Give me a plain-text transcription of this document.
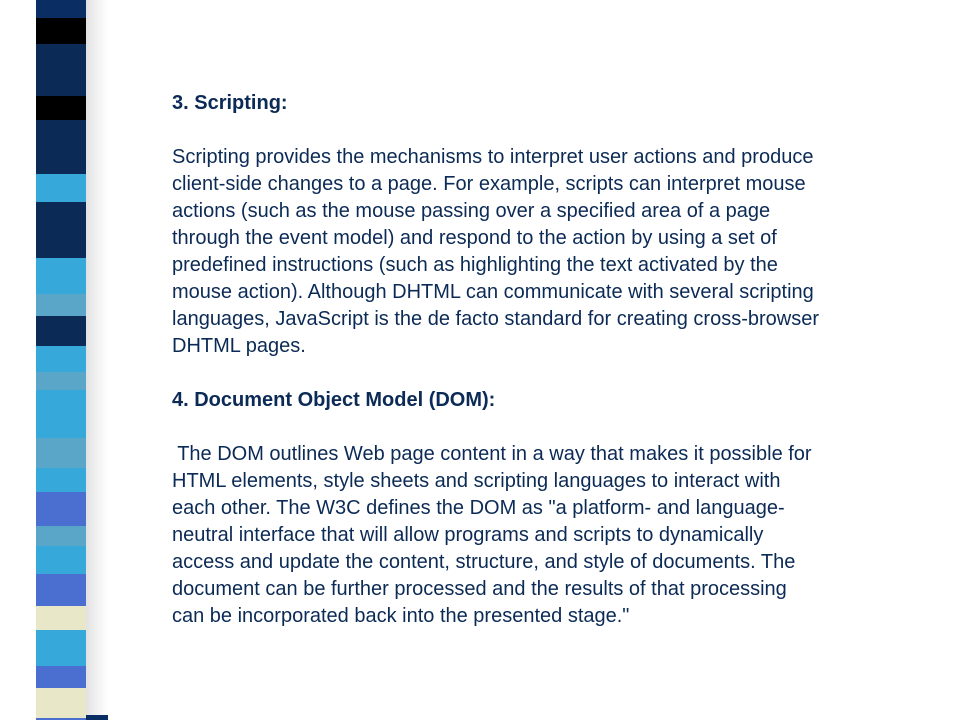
3. Scripting:

Scripting provides the mechanisms to interpret user actions and produce

client-side changes to a page. For example, scripts can interpret mouse

actions (such as the mouse passing over a specified area of a page

through the event model) and respond to the action by using a set of

predefined instructions (such as highlighting the text activated by the

mouse action). Although DHTML can communicate with several scripting

languages, JavaScript is the de facto standard for creating cross-browser

DHTML pages.

4. Document Object Model (DOM):

The DOM outlines Web page content in a way that makes it possible for

HTML elements, style sheets and scripting languages to interact with

each other. The W3C defines the DOM as "a platform- and language-

neutral interface that will allow programs and scripts to dynamically

access and update the content, structure, and style of documents. The

document can be further processed and the results of that processing

can be incorporated back into the presented stage."
